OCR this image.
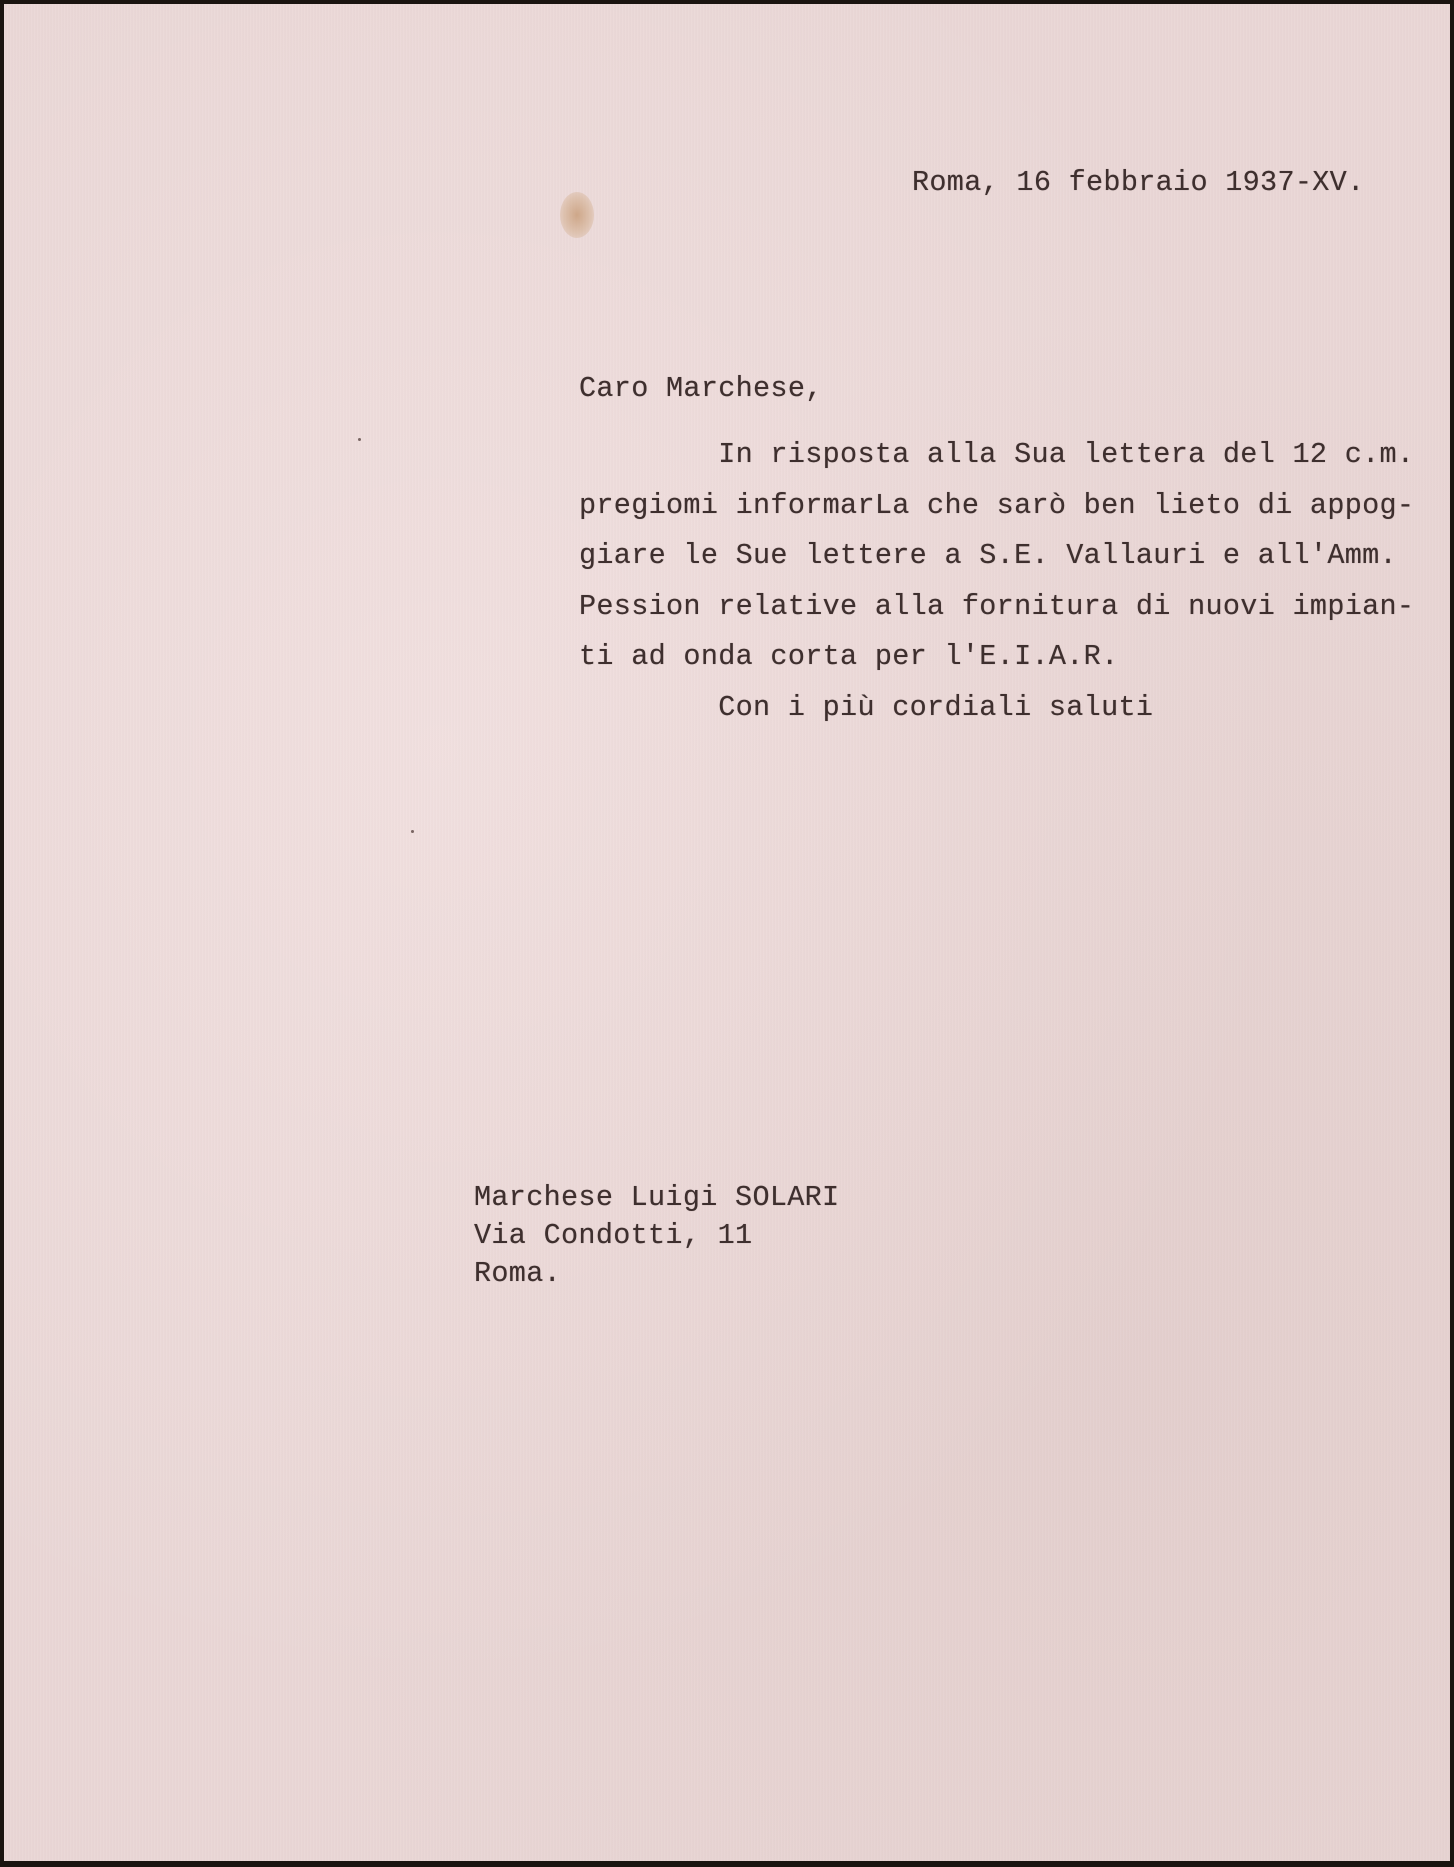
Roma, 16 febbraio 1937-XV.

Caro Marchese,

In risposta alla Sua lettera del 12 c.m.

pregiomi informarLa che sarò ben lieto di appog-

giare le Sue lettere a S.E. Vallauri e all'Amm.

Pession relative alla fornitura di nuovi impian-

ti ad onda corta per l'E.I.A.R.

Con i più cordiali saluti

Marchese Luigi SOLARI

Via Condotti, 11

Roma.
